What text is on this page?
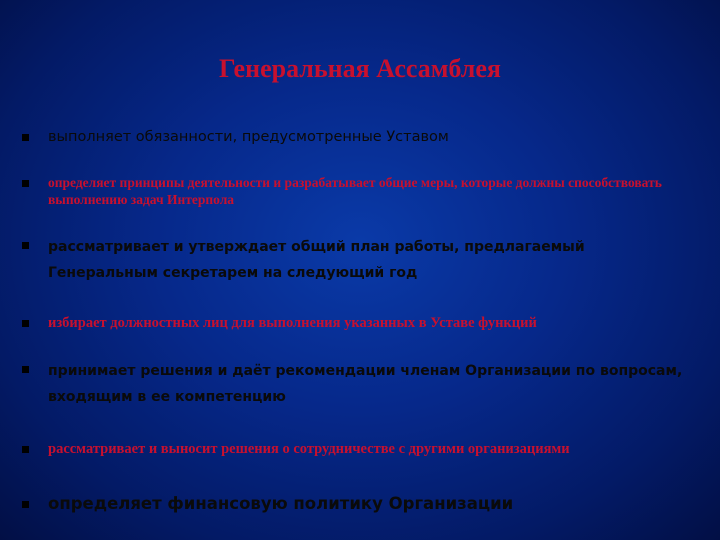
Генеральная Ассамблея
выполняет обязанности, предусмотренные Уставом
определяет принципы деятельности и разрабатывает общие меры, которые должны способствовать выполнению задач Интерпола
рассматривает и утверждает общий план работы, предлагаемый Генеральным секретарем на следующий год
избирает должностных лиц для выполнения указанных в Уставе функций
принимает решения и даёт рекомендации членам Организации по вопросам, входящим в ее компетенцию
рассматривает и выносит решения о сотрудничестве с другими организациями
определяет финансовую политику Организации
